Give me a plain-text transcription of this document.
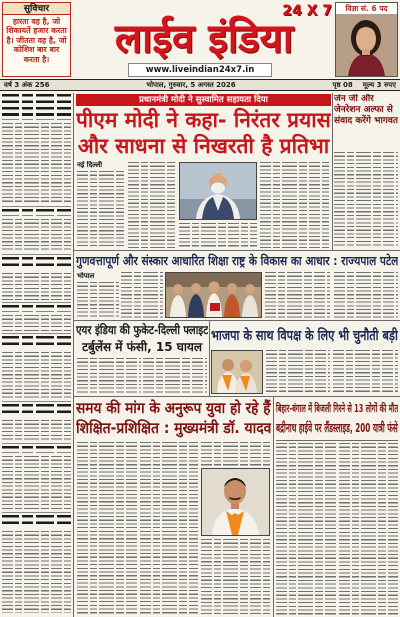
सुविचार
हारता वह है, जो शिकायतें हजार करता है। जीतता वह है, जो कोशिश बार बार करता है।
24 X 7
लाईव इंडिया
www.liveindian24x7.in
विज्ञा सं. 6 पद
वर्ष 3 अंक 256	भोपाल, गुरुवार, 5 अगस्त 2026	पृष्ठ 08 मूल्य 3 रुपए
प्रधानमंत्री मोदी ने सुस्वामित सहायता दिया
पीएम मोदी ने कहा- निरंतर प्रयास
और साधना से निखरती है प्रतिभा
नई दिल्ली
जेन जी और जेनरेशन अल्फा से संवाद करेंगे भागवत
गुणवत्तापूर्ण और संस्कार आधारित शिक्षा राष्ट्र के विकास का आधार : राज्यपाल पटेल
भोपाल
एयर इंडिया की फुकेट-दिल्ली फ्लाइट
टर्बुलेंस में फंसी, 15 घायल
भाजपा के साथ विपक्ष के लिए भी चुनौती बड़ी
समय की मांग के अनुरूप युवा हो रहे हैं
शिक्षित-प्रशिक्षित : मुख्यमंत्री डॉ. यादव
बिहार-बंगाल में बिजली गिरने से 13 लोगों की मौत
बद्रीनाथ हाईवे पर लैंडस्लाइड, 200 यात्री फंसे
